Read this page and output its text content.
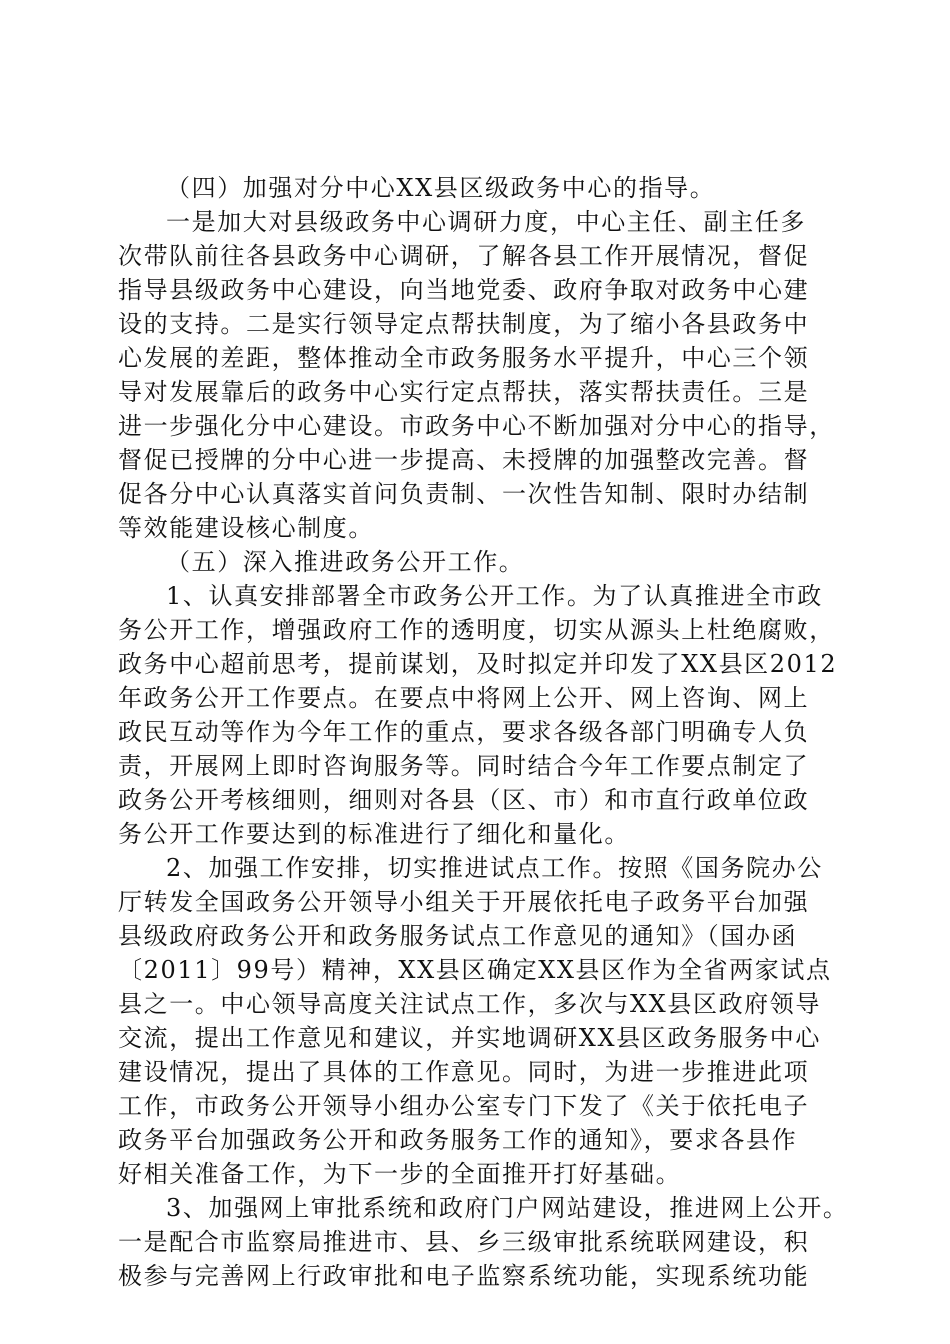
（四）加强对分中心XX县区级政务中心的指导。
一是加大对县级政务中心调研力度，中心主任、副主任多
次带队前往各县政务中心调研，了解各县工作开展情况，督促
指导县级政务中心建设，向当地党委、政府争取对政务中心建
设的支持。二是实行领导定点帮扶制度，为了缩小各县政务中
心发展的差距，整体推动全市政务服务水平提升，中心三个领
导对发展靠后的政务中心实行定点帮扶，落实帮扶责任。三是
进一步强化分中心建设。市政务中心不断加强对分中心的指导，
督促已授牌的分中心进一步提高、未授牌的加强整改完善。督
促各分中心认真落实首问负责制、一次性告知制、限时办结制
等效能建设核心制度。
（五）深入推进政务公开工作。
1、认真安排部署全市政务公开工作。为了认真推进全市政
务公开工作，增强政府工作的透明度，切实从源头上杜绝腐败，
政务中心超前思考，提前谋划，及时拟定并印发了XX县区2012
年政务公开工作要点。在要点中将网上公开、网上咨询、网上
政民互动等作为今年工作的重点，要求各级各部门明确专人负
责，开展网上即时咨询服务等。同时结合今年工作要点制定了
政务公开考核细则，细则对各县（区、市）和市直行政单位政
务公开工作要达到的标准进行了细化和量化。
2、加强工作安排，切实推进试点工作。按照《国务院办公
厅转发全国政务公开领导小组关于开展依托电子政务平台加强
县级政府政务公开和政务服务试点工作意见的通知》（国办函
〔2011〕99号）精神，XX县区确定XX县区作为全省两家试点
县之一。中心领导高度关注试点工作，多次与XX县区政府领导
交流，提出工作意见和建议，并实地调研XX县区政务服务中心
建设情况，提出了具体的工作意见。同时，为进一步推进此项
工作，市政务公开领导小组办公室专门下发了《关于依托电子
政务平台加强政务公开和政务服务工作的通知》，要求各县作
好相关准备工作，为下一步的全面推开打好基础。
3、加强网上审批系统和政府门户网站建设，推进网上公开。
一是配合市监察局推进市、县、乡三级审批系统联网建设，积
极参与完善网上行政审批和电子监察系统功能，实现系统功能
